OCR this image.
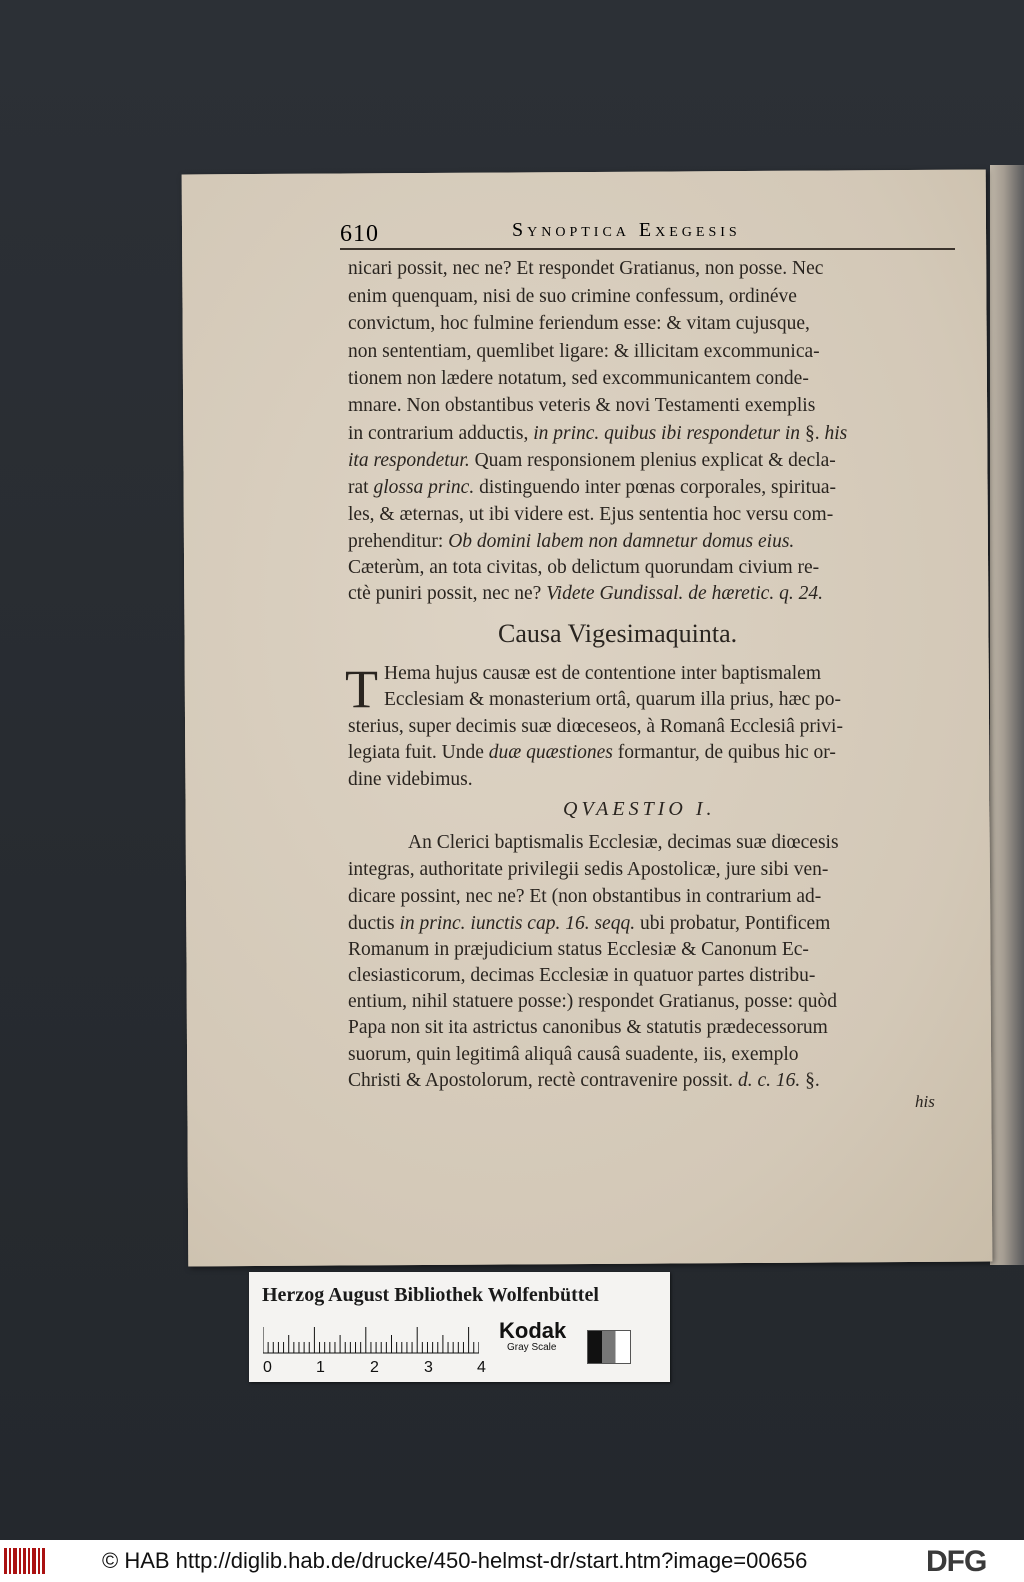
610	Synoptica Exegesis
nicari possit, nec ne? Et respondet Gratianus, non posse. Nec
enim quenquam, nisi de suo crimine confessum, ordinéve
convictum, hoc fulmine feriendum esse: & vitam cujusque,
non sententiam, quemlibet ligare: & illicitam excommunica-
tionem non lædere notatum, sed excommunicantem conde-
mnare. Non obstantibus veteris & novi Testamenti exemplis
in contrarium adductis, in princ. quibus ibi respondetur in §. his
ita respondetur. Quam responsionem plenius explicat & decla-
rat glossa princ. distinguendo inter pœnas corporales, spiritua-
les, & æternas, ut ibi videre est. Ejus sententia hoc versu com-
prehenditur: Ob domini labem non damnetur domus eius.
Cæterùm, an tota civitas, ob delictum quorundam civium re-
ctè puniri possit, nec ne? Videte Gundissal. de hæretic. q. 24.
Causa Vigesimaquinta.
T Hema hujus causæ est de contentione inter baptismalem
Ecclesiam & monasterium ortâ, quarum illa prius, hæc po-
sterius, super decimis suæ diœceseos, à Romanâ Ecclesiâ privi-
legiata fuit. Unde duæ quæstiones formantur, de quibus hic or-
dine videbimus.
QVAESTIO I.
An Clerici baptismalis Ecclesiæ, decimas suæ diœcesis
integras, authoritate privilegii sedis Apostolicæ, jure sibi ven-
dicare possint, nec ne? Et (non obstantibus in contrarium ad-
ductis in princ. iunctis cap. 16. seqq. ubi probatur, Pontificem
Romanum in præjudicium status Ecclesiæ & Canonum Ec-
clesiasticorum, decimas Ecclesiæ in quatuor partes distribu-
entium, nihil statuere posse:) respondet Gratianus, posse: quòd
Papa non sit ita astrictus canonibus & statutis prædecessorum
suorum, quin legitimâ aliquâ causâ suadente, iis, exemplo
Christi & Apostolorum, rectè contravenire possit. d. c. 16. §.
his
Herzog August Bibliothek Wolfenbüttel
0	1	2	3	4
Kodak
Gray Scale
© HAB http://diglib.hab.de/drucke/450-helmst-dr/start.htm?image=00656	DFG
